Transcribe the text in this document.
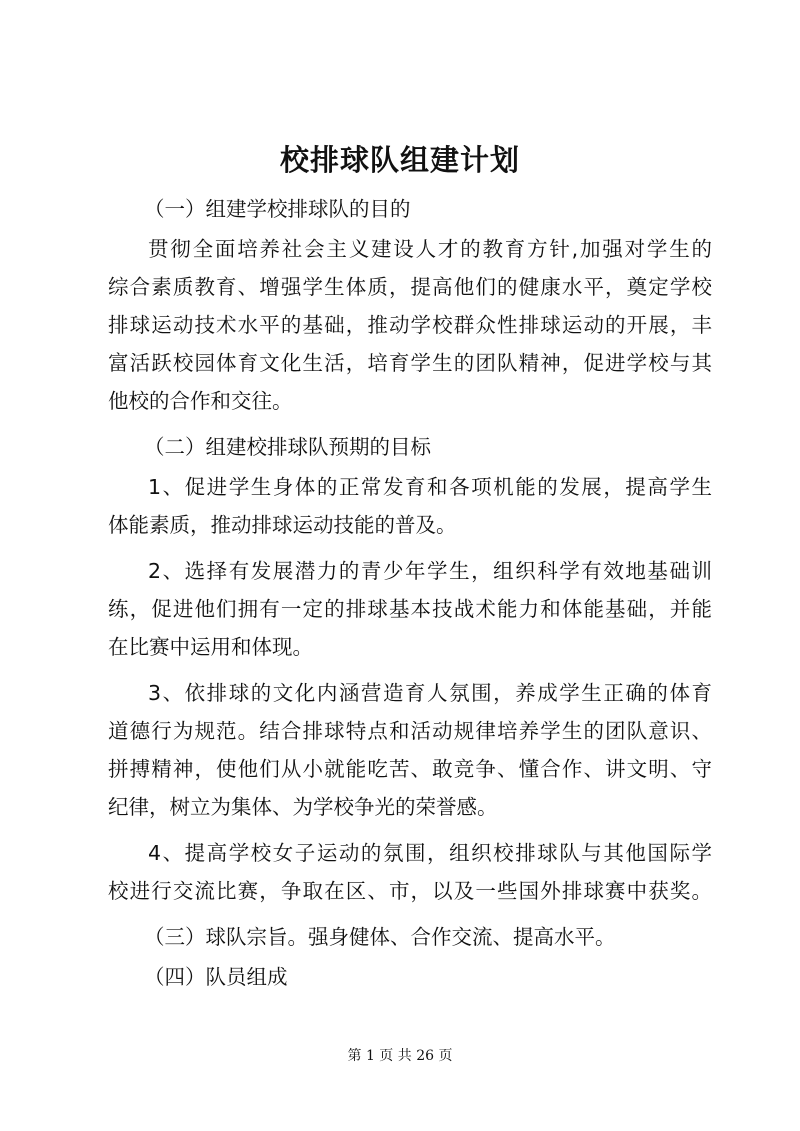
校排球队组建计划
（一）组建学校排球队的目的
贯彻全面培养社会主义建设人才的教育方针,加强对学生的
综合素质教育、增强学生体质，提高他们的健康水平，奠定学校
排球运动技术水平的基础，推动学校群众性排球运动的开展，丰
富活跃校园体育文化生活，培育学生的团队精神，促进学校与其
他校的合作和交往。
（二）组建校排球队预期的目标
1、促进学生身体的正常发育和各项机能的发展，提高学生
体能素质，推动排球运动技能的普及。
2、选择有发展潜力的青少年学生，组织科学有效地基础训
练，促进他们拥有一定的排球基本技战术能力和体能基础，并能
在比赛中运用和体现。
3、依排球的文化内涵营造育人氛围，养成学生正确的体育
道德行为规范。结合排球特点和活动规律培养学生的团队意识、
拼搏精神，使他们从小就能吃苦、敢竞争、懂合作、讲文明、守
纪律，树立为集体、为学校争光的荣誉感。
4、提高学校女子运动的氛围，组织校排球队与其他国际学
校进行交流比赛，争取在区、市，以及一些国外排球赛中获奖。
（三）球队宗旨。强身健体、合作交流、提高水平。
（四）队员组成
第 1 页 共 26 页
